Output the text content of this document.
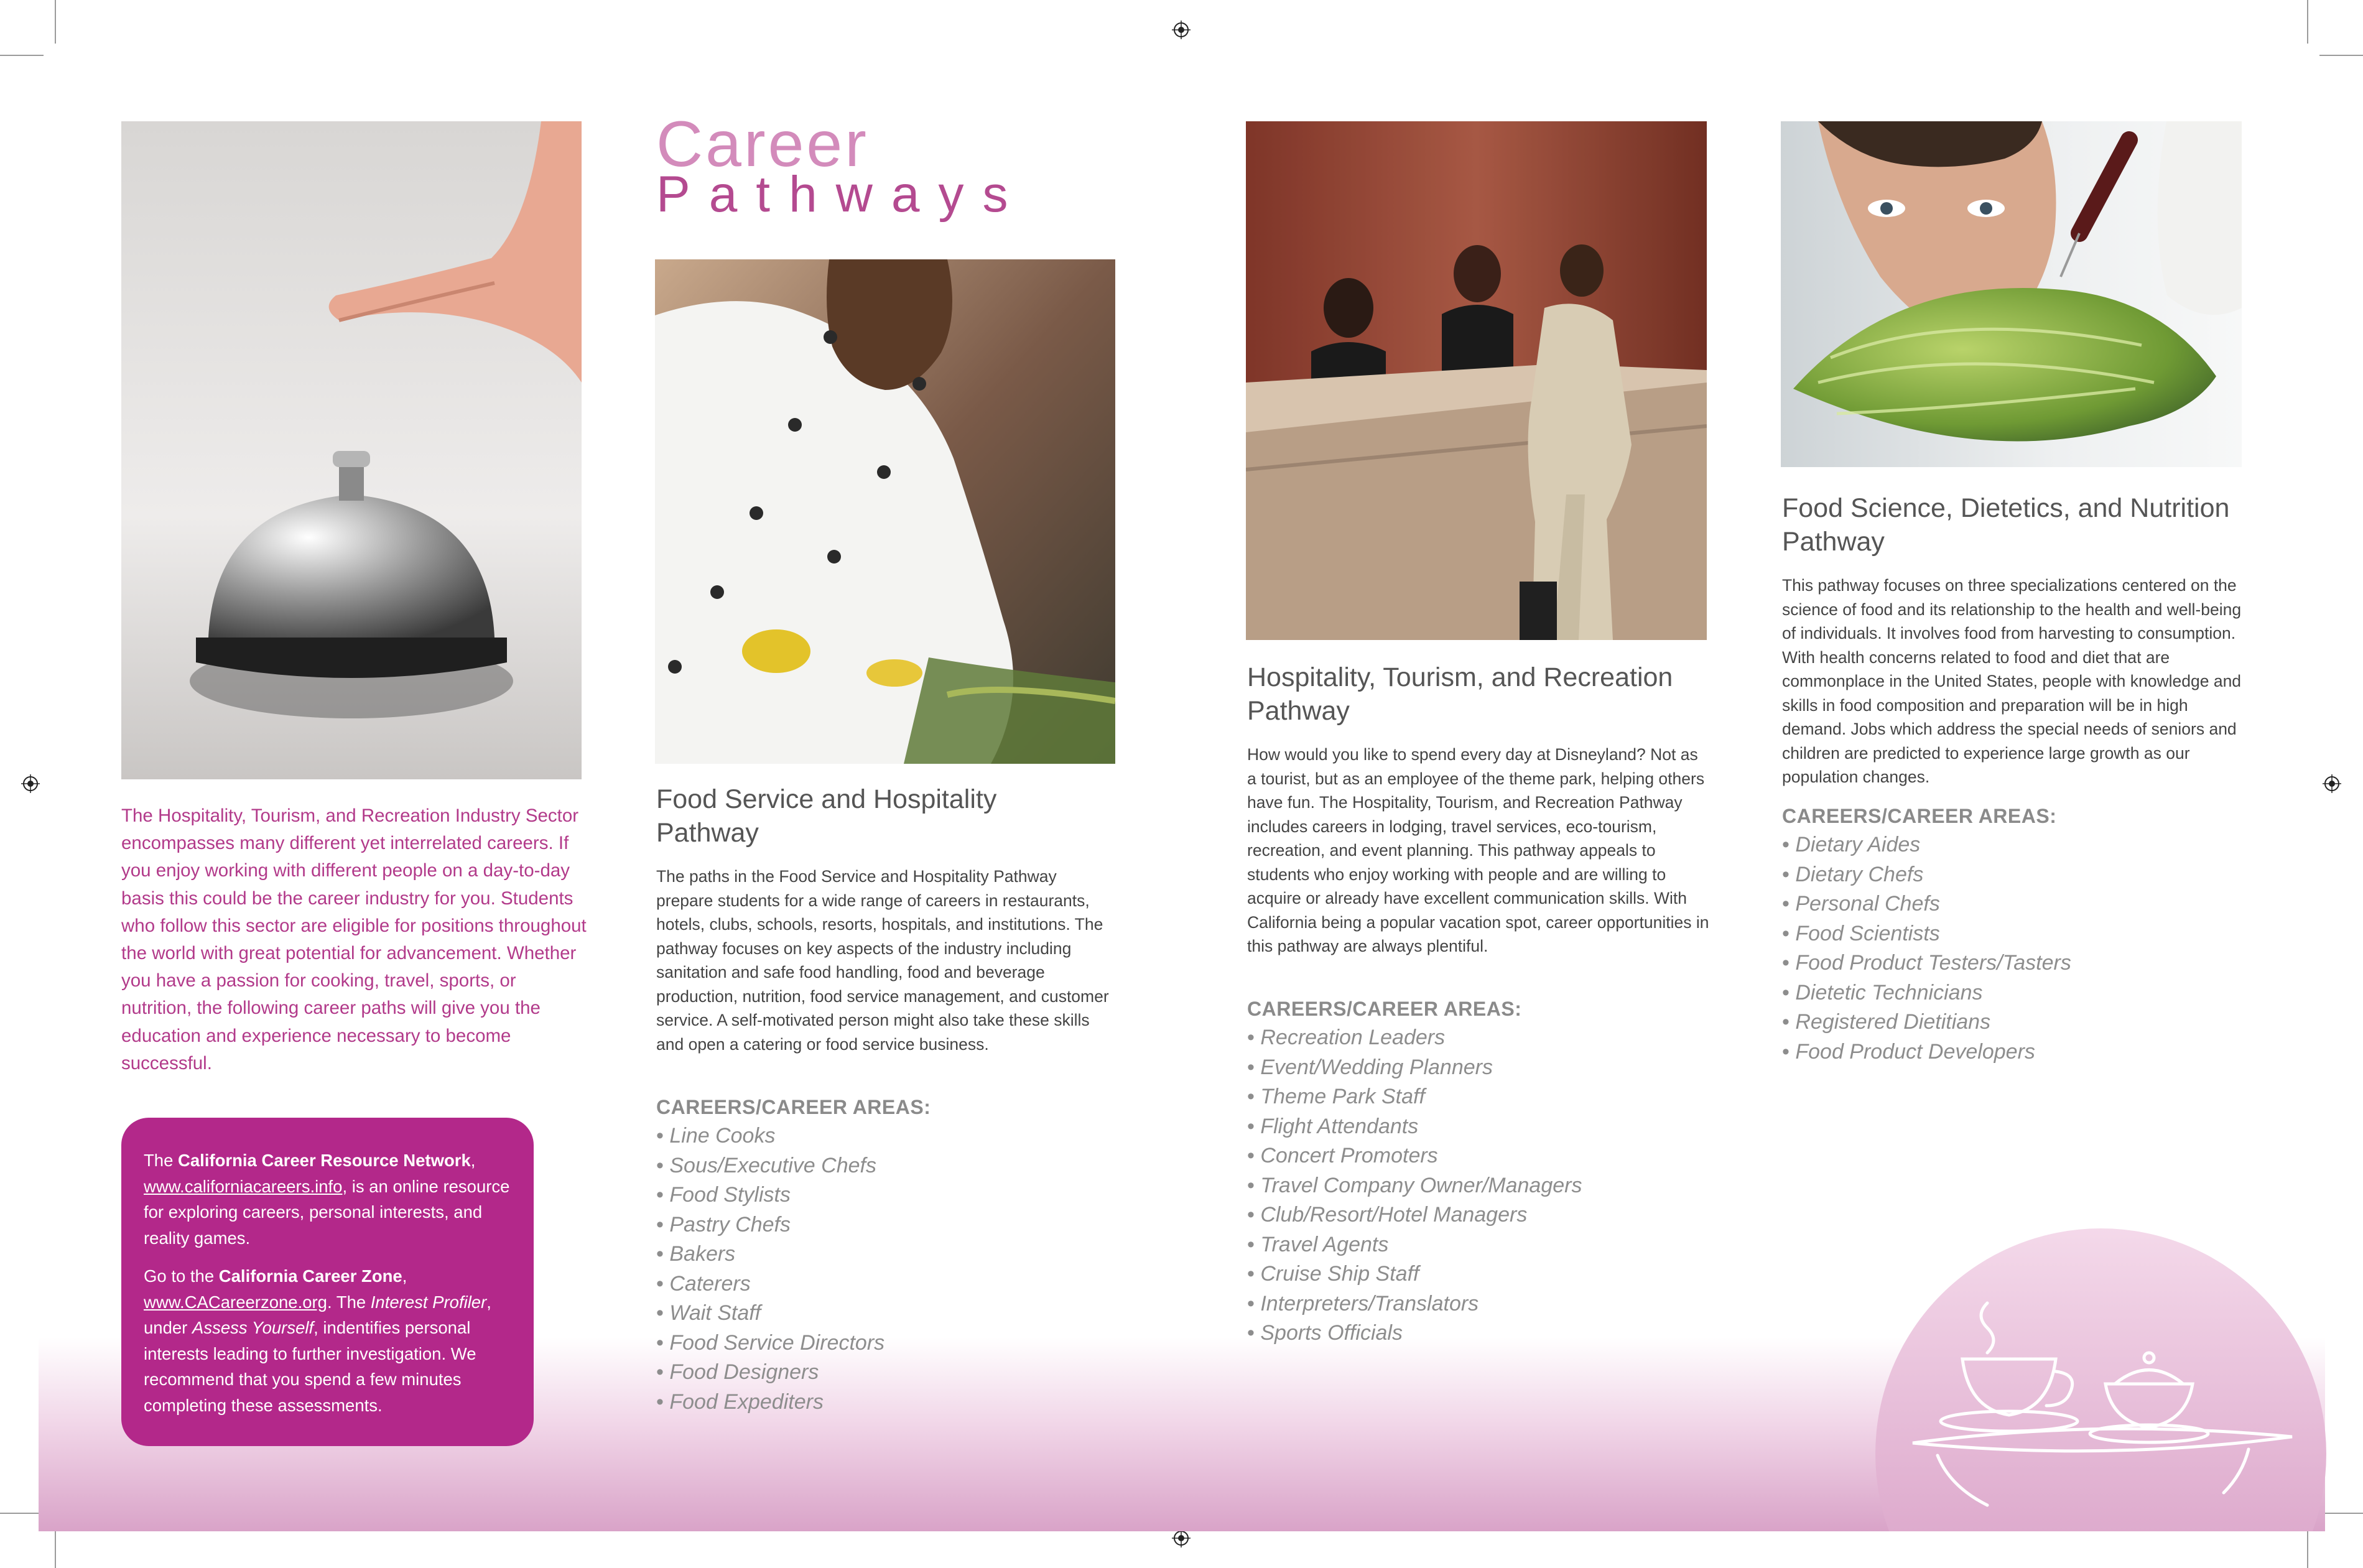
The Hospitality, Tourism, and Recreation Industry Sector encompasses many different yet interrelated careers. If you enjoy working with different people on a day-to-day basis this could be the career industry for you. Students who follow this sector are eligible for positions throughout the world with great potential for advancement. Whether you have a passion for cooking, travel, sports, or nutrition, the following career paths will give you the education and experience necessary to become successful.

The California Career Resource Network,
www.californiacareers.info, is an online resource for exploring careers, personal interests, and reality games.

Go to the California Career Zone,
www.CACareerzone.org. The Interest Profiler, under Assess Yourself, indentifies personal interests leading to further investigation. We recommend that you spend a few minutes completing these assessments.

Career
Pathways
Food Service and Hospitality Pathway
The paths in the Food Service and Hospitality Pathway prepare students for a wide range of careers in restaurants, hotels, clubs, schools, resorts, hospitals, and institutions. The pathway focuses on key aspects of the industry including sanitation and safe food handling, food and beverage production, nutrition, food service management, and customer service. A self-motivated person might also take these skills and open a catering or food service business.
CAREERS/CAREER AREAS:
• Line Cooks
• Sous/Executive Chefs
• Food Stylists
• Pastry Chefs
• Bakers
• Caterers
• Wait Staff
• Food Service Directors
• Food Designers
• Food Expediters
Hospitality, Tourism, and Recreation Pathway
How would you like to spend every day at Disneyland? Not as a tourist, but as an employee of the theme park, helping others have fun. The Hospitality, Tourism, and Recreation Pathway includes careers in lodging, travel services, eco-tourism, recreation, and event planning. This pathway appeals to students who enjoy working with people and are willing to acquire or already have excellent communication skills. With California being a popular vacation spot, career opportunities in this pathway are always plentiful.
CAREERS/CAREER AREAS:
• Recreation Leaders
• Event/Wedding Planners
• Theme Park Staff
• Flight Attendants
• Concert Promoters
• Travel Company Owner/Managers
• Club/Resort/Hotel Managers
• Travel Agents
• Cruise Ship Staff
• Interpreters/Translators
• Sports Officials
Food Science, Dietetics, and Nutrition Pathway
This pathway focuses on three specializations centered on the science of food and its relationship to the health and well-being of individuals. It involves food from harvesting to consumption. With health concerns related to food and diet that are commonplace in the United States, people with knowledge and skills in food composition and preparation will be in high demand. Jobs which address the special needs of seniors and children are predicted to experience large growth as our population changes.
CAREERS/CAREER AREAS:
• Dietary Aides
• Dietary Chefs
• Personal Chefs
• Food Scientists
• Food Product Testers/Tasters
• Dietetic Technicians
• Registered Dietitians
• Food Product Developers
